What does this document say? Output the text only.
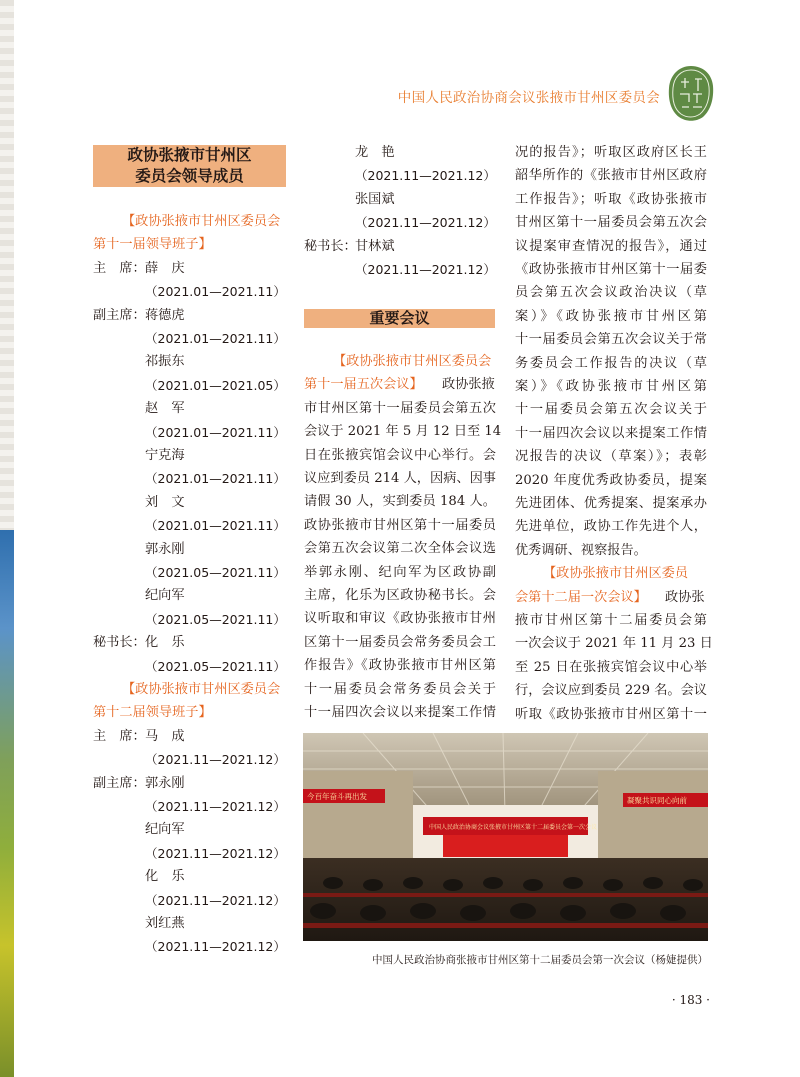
中国人民政治协商会议张掖市甘州区委员会
政协张掖市甘州区
委员会领导成员
【政协张掖市甘州区委员会
第十一届领导班子】
主　席： 薛　庆
（2021.01—2021.11）
副主席： 蒋德虎
（2021.01—2021.11）
祁振东
（2021.01—2021.05）
赵　军
（2021.01—2021.11）
宁克海
（2021.01—2021.11）
刘　文
（2021.01—2021.11）
郭永刚
（2021.05—2021.11）
纪向军
（2021.05—2021.11）
秘书长： 化　乐
（2021.05—2021.11）
【政协张掖市甘州区委员会
第十二届领导班子】
主　席： 马　成
（2021.11—2021.12）
副主席： 郭永刚
（2021.11—2021.12）
纪向军
（2021.11—2021.12）
化　乐
（2021.11—2021.12）
刘红燕
（2021.11—2021.12）
龙　艳
（2021.11—2021.12）
张国斌
（2021.11—2021.12）
秘书长：
甘林斌
（2021.11—2021.12）
【政协张掖市甘州区委员会
第十一届五次会议】 政协张掖
市甘州区第十一届委员会第五次
会议于 2021 年 5 月 12 日至 14
日在张掖宾馆会议中心举行。会
议应到委员 214 人，因病、因事
请假 30 人，实到委员 184 人。
政协张掖市甘州区第十一届委员
会第五次会议第二次全体会议选
举郭永刚、纪向军为区政协副
主席，化乐为区政协秘书长。会
议听取和审议《政协张掖市甘州
区第十一届委员会常务委员会工
作报告》《政协张掖市甘州区第
十一届委员会常务委员会关于
十一届四次会议以来提案工作情
重要会议
况的报告》；听取区政府区长王
韶华所作的《张掖市甘州区政府
工作报告》；听取《政协张掖市
甘州区第十一届委员会第五次会
议提案审查情况的报告》，通过
《政协张掖市甘州区第十一届委
员会第五次会议政治决议（草
案）》《政协张掖市甘州区第
十一届委员会第五次会议关于常
务委员会工作报告的决议（草
案）》《政协张掖市甘州区第
十一届委员会第五次会议关于
十一届四次会议以来提案工作情
况报告的决议（草案）》；表彰
2020 年度优秀政协委员，提案
先进团体、优秀提案、提案承办
先进单位，政协工作先进个人，
优秀调研、视察报告。
【政协张掖市甘州区委员
会第十二届一次会议】 政协张
掖市甘州区第十二届委员会第
一次会议于 2021 年 11 月 23 日
至 25 日在张掖宾馆会议中心举
行，会议应到委员 229 名。会议
听取《政协张掖市甘州区第十一
今百年奋斗再出发
中国人民政治协商会议张掖市甘州区第十二届委员会第一次会议
凝聚共识同心向前
中国人民政治协商张掖市甘州区第十二届委员会第一次会议（杨婕提供）
· 183 ·
